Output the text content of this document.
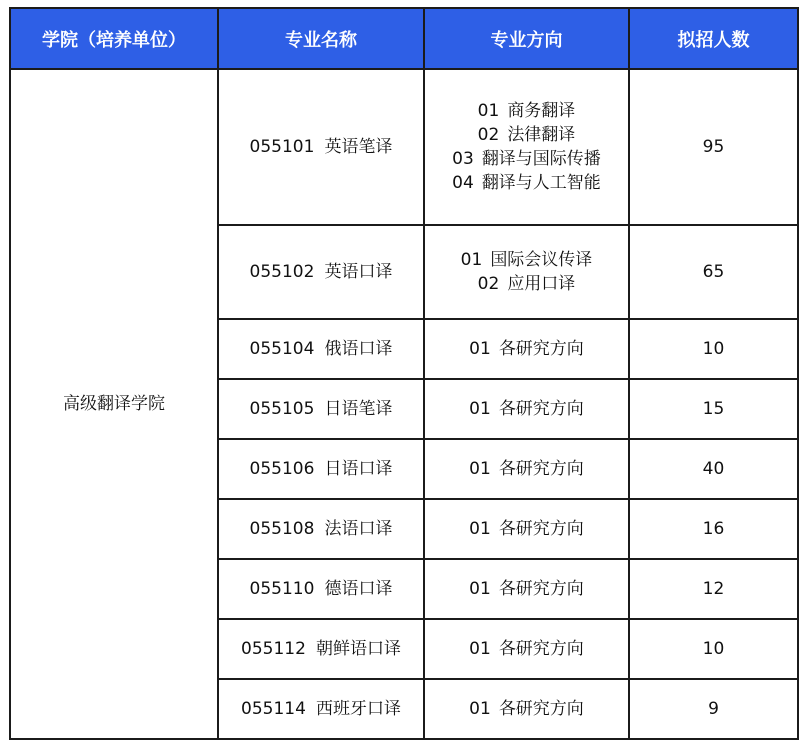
学院（培养单位）	专业名称	专业方向	拟招人数
高级翻译学院	055101 英语笔译	01 商务翻译
02 法律翻译
03 翻译与国际传播
04 翻译与人工智能	95
	055102 英语口译	01 国际会议传译
02 应用口译	65
	055104 俄语口译	01 各研究方向	10
	055105 日语笔译	01 各研究方向	15
	055106 日语口译	01 各研究方向	40
	055108 法语口译	01 各研究方向	16
	055110 德语口译	01 各研究方向	12
	055112 朝鲜语口译	01 各研究方向	10
	055114 西班牙口译	01 各研究方向	9
